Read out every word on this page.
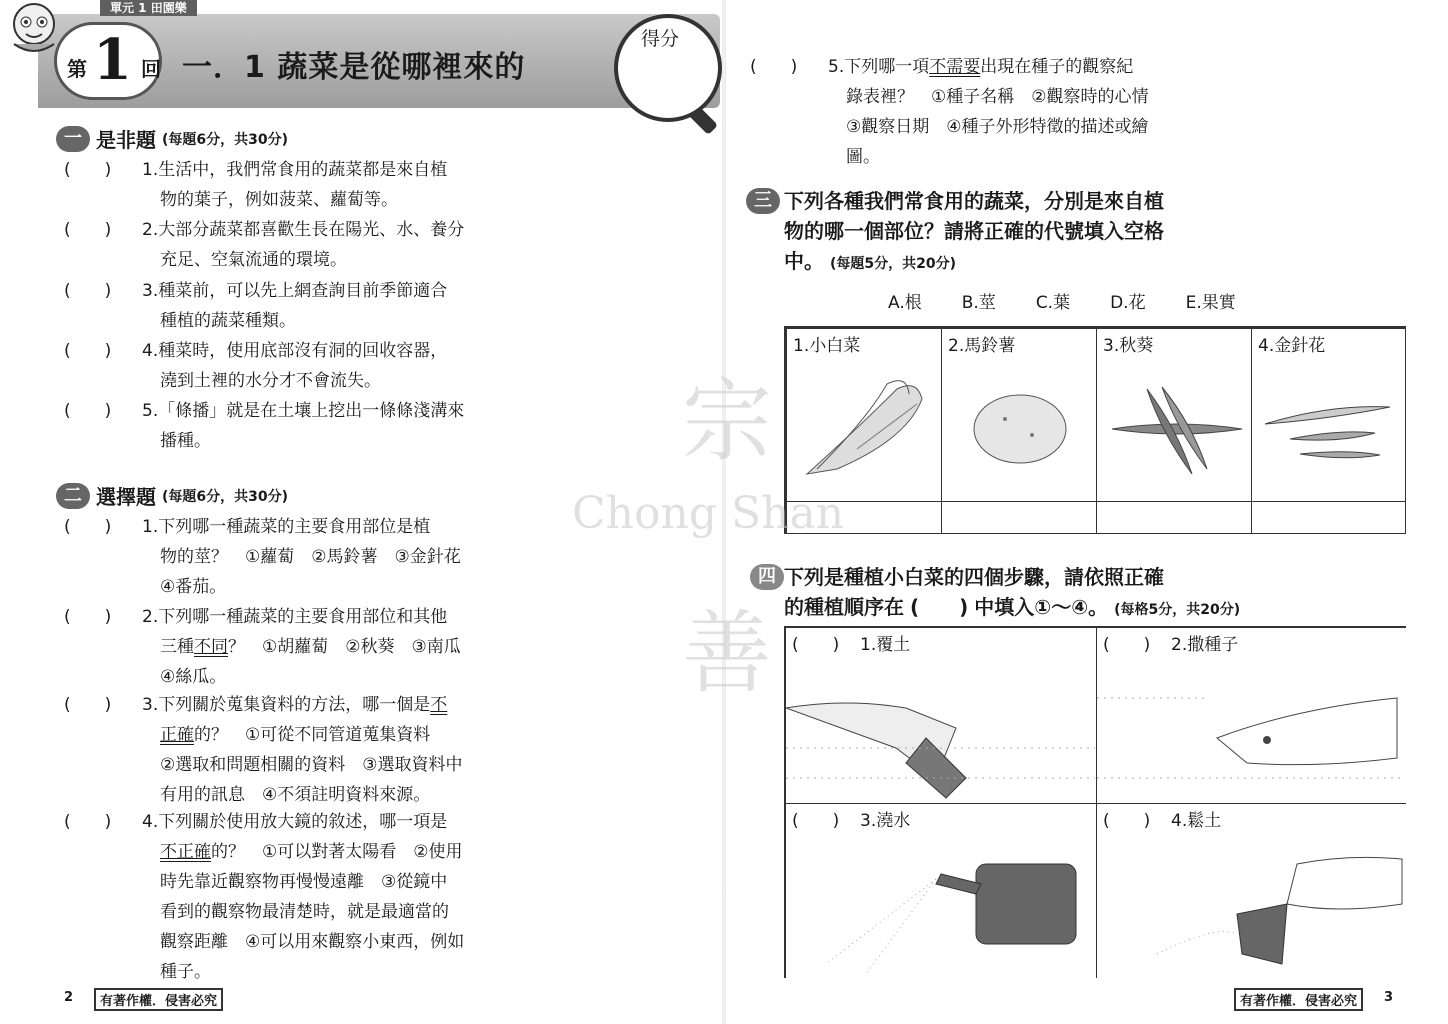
單元 1 田園樂
第 1 回 一．1 蔬菜是從哪裡來的
得分
一 是非題 (每題6分，共30分)
(　　) 1.生活中，我們常食用的蔬菜都是來自植
物的葉子，例如菠菜、蘿蔔等。
(　　) 2.大部分蔬菜都喜歡生長在陽光、水、養分
充足、空氣流通的環境。
(　　) 3.種菜前，可以先上網查詢目前季節適合
種植的蔬菜種類。
(　　) 4.種菜時，使用底部沒有洞的回收容器，
澆到土裡的水分才不會流失。
(　　) 5.「條播」就是在土壤上挖出一條條淺溝來
播種。
二 選擇題 (每題6分，共30分)
(　　) 1.下列哪一種蔬菜的主要食用部位是植
物的莖？　①蘿蔔　②馬鈴薯　③金針花
④番茄。
(　　) 2.下列哪一種蔬菜的主要食用部位和其他
三種不同？　①胡蘿蔔　②秋葵　③南瓜
④絲瓜。
(　　) 3.下列關於蒐集資料的方法，哪一個是不
正確的？　①可從不同管道蒐集資料
②選取和問題相關的資料　③選取資料中
有用的訊息　④不須註明資料來源。
(　　) 4.下列關於使用放大鏡的敘述，哪一項是
不正確的？　①可以對著太陽看　②使用
時先靠近觀察物再慢慢遠離　③從鏡中
看到的觀察物最清楚時，就是最適當的
觀察距離　④可以用來觀察小東西，例如
種子。
2	有著作權．侵害必究
(　　) 5.下列哪一項不需要出現在種子的觀察紀
錄表裡？　①種子名稱　②觀察時的心情
③觀察日期　④種子外形特徵的描述或繪
圖。
三 下列各種我們常食用的蔬菜，分別是來自植
物的哪一個部位？請將正確的代號填入空格
中。 (每題5分，共20分)
A.根 B.莖 C.葉 D.花 E.果實
1.小白菜	2.馬鈴薯	3.秋葵	4.金針花
四 下列是種植小白菜的四個步驟，請依照正確
的種植順序在 (　　) 中填入①～④。 (每格5分，共20分)
(　　) 1.覆土	(　　) 2.撒種子
(　　) 3.澆水	(　　) 4.鬆土
有著作權．侵害必究	3
宗
Chong Shan
善
